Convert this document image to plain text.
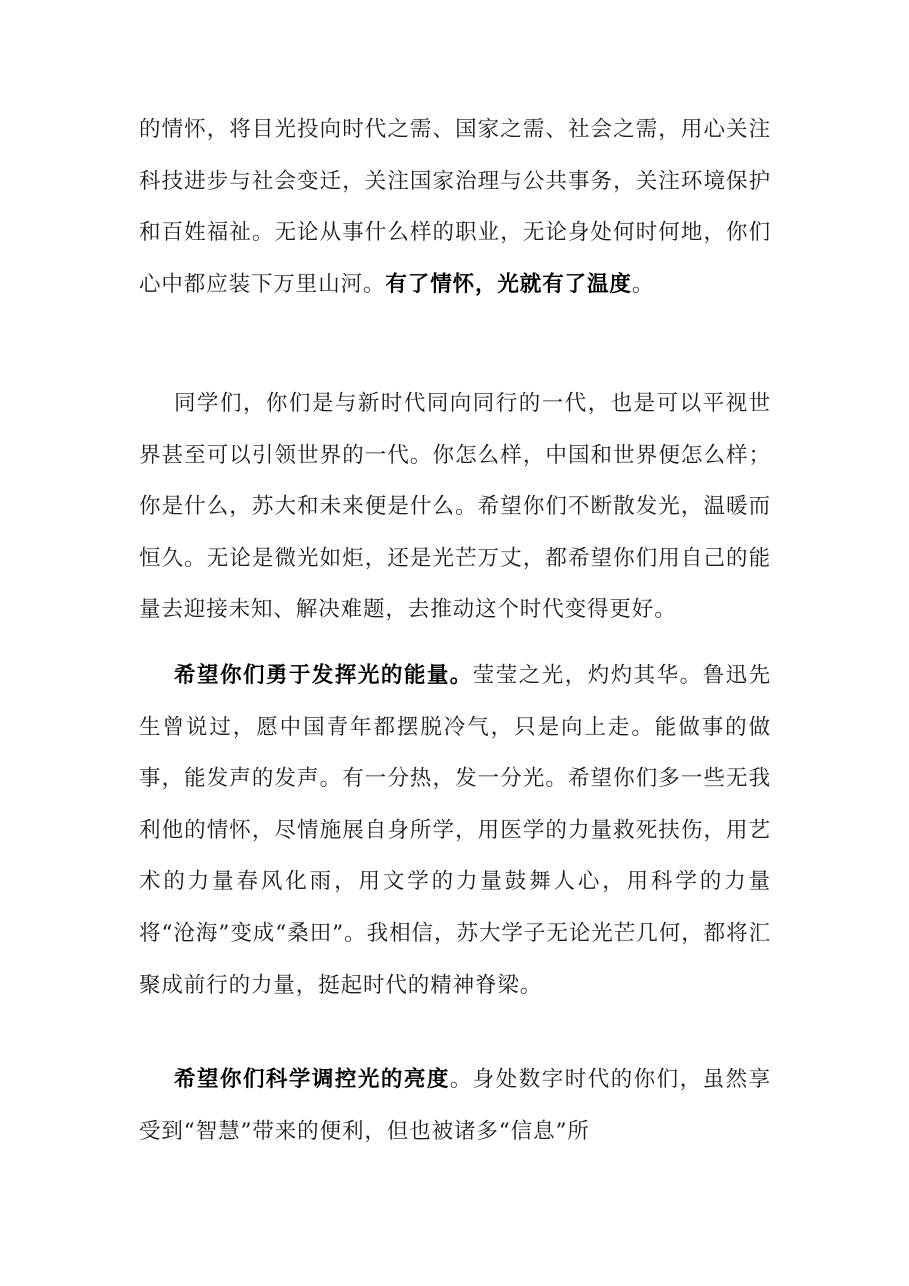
的情怀，将目光投向时代之需、国家之需、社会之需，用心关注科技进步与社会变迁，关注国家治理与公共事务，关注环境保护和百姓福祉。无论从事什么样的职业，无论身处何时何地，你们心中都应装下万里山河。有了情怀，光就有了温度。

同学们，你们是与新时代同向同行的一代，也是可以平视世界甚至可以引领世界的一代。你怎么样，中国和世界便怎么样；你是什么，苏大和未来便是什么。希望你们不断散发光，温暖而恒久。无论是微光如炬，还是光芒万丈，都希望你们用自己的能量去迎接未知、解决难题，去推动这个时代变得更好。

希望你们勇于发挥光的能量。莹莹之光，灼灼其华。鲁迅先生曾说过，愿中国青年都摆脱冷气，只是向上走。能做事的做事，能发声的发声。有一分热，发一分光。希望你们多一些无我利他的情怀，尽情施展自身所学，用医学的力量救死扶伤，用艺术的力量春风化雨，用文学的力量鼓舞人心，用科学的力量将“沧海”变成“桑田”。我相信，苏大学子无论光芒几何，都将汇聚成前行的力量，挺起时代的精神脊梁。

希望你们科学调控光的亮度。身处数字时代的你们，虽然享受到“智慧”带来的便利，但也被诸多“信息”所
